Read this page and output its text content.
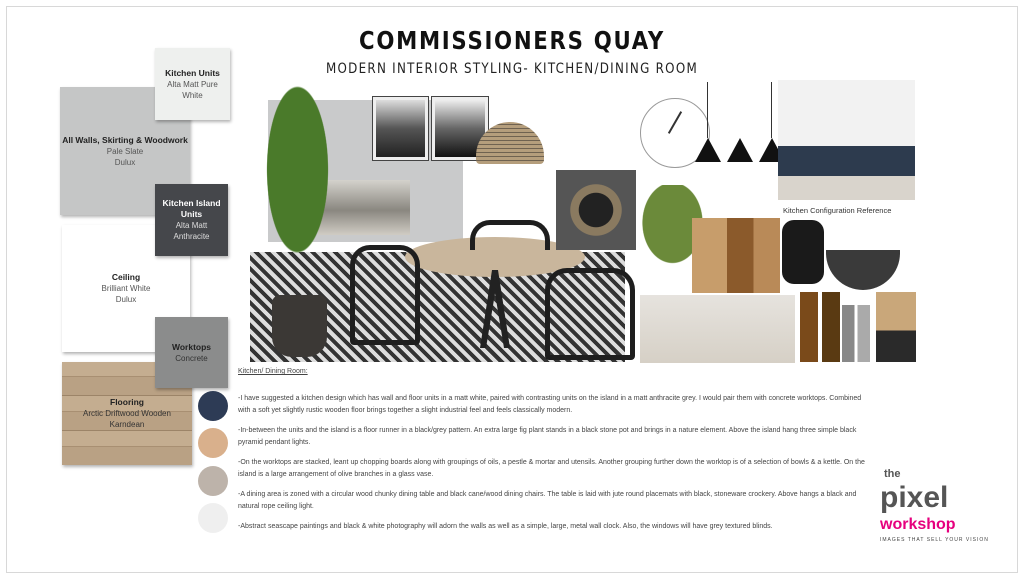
COMMISSIONERS QUAY
MODERN INTERIOR STYLING- KITCHEN/DINING ROOM
All Walls, Skirting & Woodwork
Pale Slate
Dulux
Kitchen Units
Alta Matt Pure
White
Ceiling
Brilliant White
Dulux
Kitchen Island Units
Alta Matt
Anthracite
Flooring
Arctic Driftwood Wooden
Karndean
Worktops
Concrete
Kitchen Configuration Reference

Kitchen/ Dining Room:

-I have suggested a kitchen design which has wall and floor units in a matt white, paired with contrasting units on the island in a matt anthracite grey. I would pair them with concrete worktops. Combined with a soft yet slightly rustic wooden floor brings together a slight industrial feel and feels classically modern.

-In-between the units and the island is a floor runner in a black/grey pattern. An extra large fig plant stands in a black stone pot and brings in a nature element. Above the island hang three simple black pyramid pendant lights.

-On the worktops are stacked, leant up chopping boards along with groupings of oils, a pestle & mortar and utensils. Another grouping further down the worktop is of a selection of bowls & a kettle. On the island is a large arrangement of olive branches in a glass vase.

-A dining area is zoned with a circular wood chunky dining table and black cane/wood dining chairs. The table is laid with jute round placemats with black, stoneware crockery. Above hangs a black and natural rope ceiling light.

-Abstract seascape paintings and black & white photography will adorn the walls as well as a simple, large, metal wall clock. Also, the windows will have grey textured blinds.

the
pixel
workshop
IMAGES THAT SELL YOUR VISION
